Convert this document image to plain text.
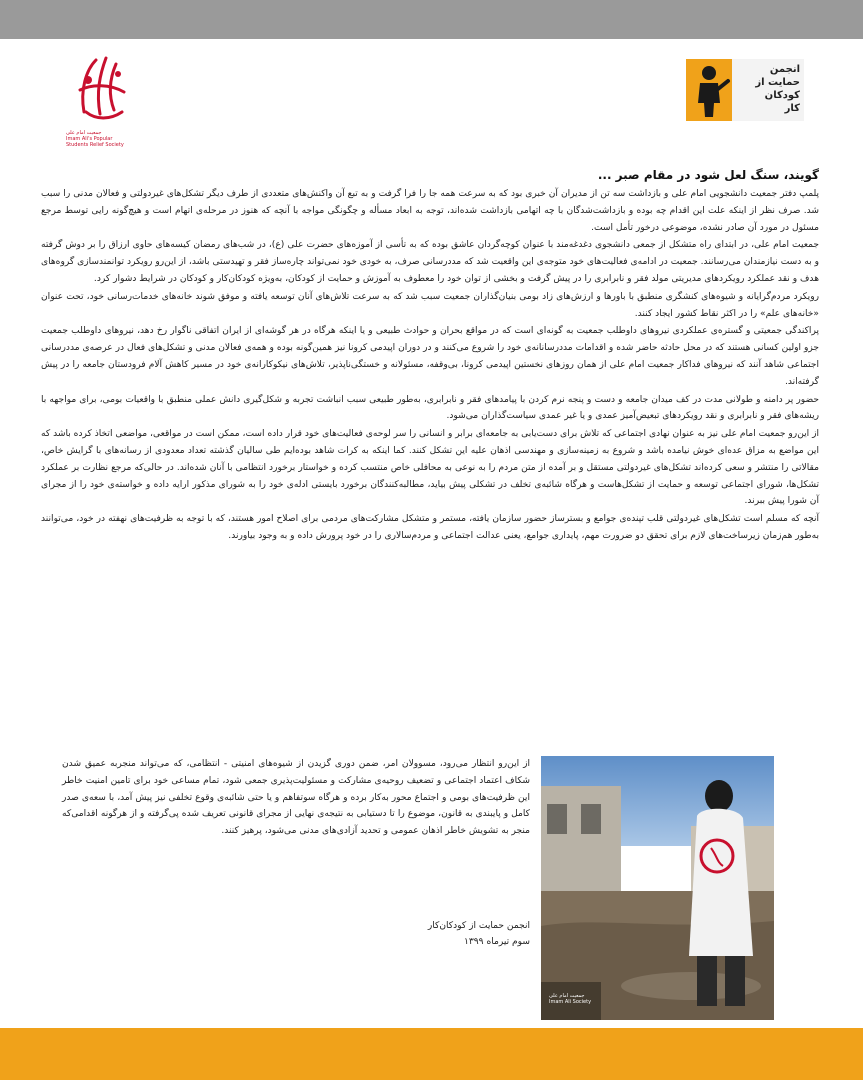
جمعیت امام علی
Imam Ali's Popular
Students Relief Society
انجمن
حمایت از
کودکان
کار
گویند، سنگ لعل شود در مقام صبر ...

پلمپ دفتر جمعیت دانشجویی امام علی و بازداشت سه تن از مدیران آن خبری بود که به سرعت همه جا را فرا گرفت و به تبع آن واکنش‌های متعددی از طرف دیگر تشکل‌های غیردولتی و فعالان مدنی را سبب شد. صرف نظر از اینکه علت این اقدام چه بوده و بازداشت‌شدگان با چه اتهامی بازداشت شده‌اند، توجه به ابعاد مسأله و چگونگی مواجه با آنچه که هنوز در مرحله‌ی اتهام است و هیچ‌گونه رایی توسط مرجع مسئول در مورد آن صادر نشده، موضوعی درخور تأمل است.

جمعیت امام علی، در ابتدای راه متشکل از جمعی دانشجوی دغدغه‌مند با عنوان کوچه‌گردان عاشق بوده که به تأسی از آموزه‌های حضرت علی (ع)، در شب‌های رمضان کیسه‌های حاوی ارزاق را بر دوش گرفته و به دست نیازمندان می‌رسانند. جمعیت در ادامه‌ی فعالیت‌های خود متوجه‌ی این واقعیت شد که مددرسانی صرف، به خودی خود نمی‌تواند چاره‌ساز فقر و تهیدستی باشد، از این‌رو رویکرد توانمندسازی گروه‌های هدف و نقد عملکرد رویکردهای مدیریتی مولد فقر و نابرابری را در پیش گرفت و بخشی از توان خود را معطوف به آموزش و حمایت از کودکان، به‌ویژه کودکان‌کار و کودکان در شرایط دشوار کرد.

رویکرد مردم‌گرایانه و شیوه‌های کنشگری منطبق با باورها و ارزش‌های زاد بومی بنیان‌گذاران جمعیت سبب شد که به سرعت تلاش‌های آنان توسعه یافته و موفق شوند خانه‌های خدمات‌رسانی خود، تحت عنوان «خانه‌های علم» را در اکثر نقاط کشور ایجاد کنند.

پراکندگی جمعیتی و گستره‌ی عملکردی نیروهای داوطلب جمعیت به گونه‌ای است که در مواقع بحران و حوادث طبیعی و یا اینکه هرگاه در هر گوشه‌ای از ایران اتفاقی ناگوار رخ دهد، نیروهای داوطلب جمعیت جزو اولین کسانی هستند که در محل حادثه حاضر شده و اقدامات مددرسانانه‌ی خود را شروع می‌کنند و در دوران اپیدمی کرونا نیز همین‌گونه بوده و همه‌ی فعالان مدنی و تشکل‌های فعال در عرصه‌ی مددرسانی اجتماعی شاهد آنند که نیروهای فداکار جمعیت امام علی از همان روزهای نخستین اپیدمی کرونا، بی‌وقفه، مسئولانه و خستگی‌ناپذیر، تلاش‌های نیکوکارانه‌ی خود در مسیر کاهش آلام فرودستان جامعه را در پیش گرفته‌اند.

حضور پر دامنه و طولانی مدت در کف میدان جامعه و دست و پنجه نرم کردن با پیامدهای فقر و نابرابری، به‌طور طبیعی سبب انباشت تجربه و شکل‌گیری دانش عملی منطبق با واقعیات بومی، برای مواجهه با ریشه‌های فقر و نابرابری و نقد رویکردهای تبعیض‌آمیز عمدی و یا غیر عمدی سیاست‌گذاران می‌شود.

از این‌رو جمعیت امام علی نیز به عنوان نهادی اجتماعی که تلاش برای دست‌یابی به جامعه‌ای برابر و انسانی را سر لوحه‌ی فعالیت‌های خود قرار داده است، ممکن است در مواقعی، مواضعی اتخاذ کرده باشد که این مواضع به مزاق عده‌ای خوش نیامده باشد و شروع به زمینه‌سازی و مهندسی اذهان علیه این تشکل کنند. کما اینکه به کرات شاهد بوده‌ایم طی سالیان گذشته تعداد معدودی از رسانه‌های با گرایش خاص، مقالاتی را منتشر و سعی کرده‌اند تشکل‌های غیردولتی مستقل و بر آمده از متن مردم را به نوعی به محافلی خاص منتسب کرده و خواستار برخورد انتظامی با آنان شده‌اند. در حالی‌که مرجع نظارت بر عملکرد تشکل‌ها، شورای اجتماعی توسعه و حمایت از تشکل‌هاست و هرگاه شائبه‌ی تخلف در تشکلی پیش بیاید، مطالبه‌کنندگان برخورد بایستی ادله‌ی خود را به شورای مذکور ارایه داده و خواسته‌ی خود را از مجرای آن شورا پیش ببرند.

آنچه که مسلم است تشکل‌های غیردولتی قلب تپنده‌ی جوامع و بسترساز حضور سازمان یافته، مستمر و متشکل مشارکت‌های مردمی برای اصلاح امور هستند، که با توجه به ظرفیت‌های نهفته در خود، می‌توانند به‌طور هم‌زمان زیرساخت‌های لازم برای تحقق دو ضرورت مهم، پایداری جوامع، یعنی عدالت اجتماعی و مردم‌سالاری را در خود پرورش داده و به وجود بیاورند.

جمعیت امام علی
Imam Ali Society
از این‌رو انتظار می‌رود، مسوولان امر، ضمن دوری گزیدن از شیوه‌های امنیتی - انتظامی، که می‌تواند منجربه عمیق شدن شکاف اعتماد اجتماعی و تضعیف روحیه‌ی مشارکت و مسئولیت‌پذیری جمعی شود، تمام مساعی خود برای تامین امنیت خاطر این ظرفیت‌های بومی و اجتماع محور به‌کار برده و هرگاه سوتفاهم و یا حتی شائبه‌ی وقوع تخلفی نیز پیش آمد، با سعه‌ی صدر کامل و پایبندی به قانون، موضوع را تا دستیابی به نتیجه‌ی نهایی از مجرای قانونی تعریف شده پی‌گرفته و از هرگونه اقدامی‌که منجر به تشویش خاطر اذهان عمومی و تحدید آزادی‌های مدنی می‌شود، پرهیز کنند.
انجمن حمایت از کودکان‌کار
سوم تیرماه ۱۳۹۹
